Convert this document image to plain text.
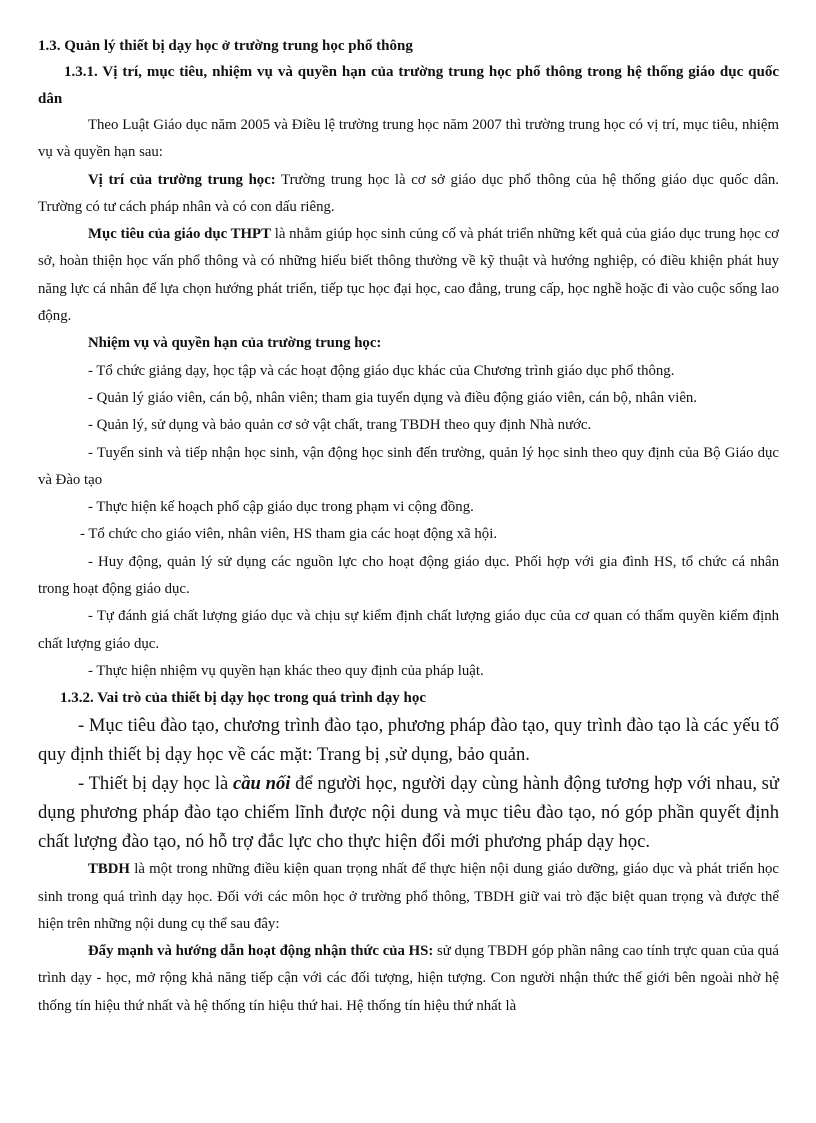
1.3. Quản lý thiết bị dạy học ở trường trung học phổ thông

1.3.1. Vị trí, mục tiêu, nhiệm vụ và quyền hạn của trường trung học phổ thông trong hệ thống giáo dục quốc dân

Theo Luật Giáo dục năm 2005 và Điều lệ trường trung học năm 2007 thì trường trung học có vị trí, mục tiêu, nhiệm vụ và quyền hạn sau:

Vị trí của trường trung học: Trường trung học là cơ sở giáo dục phổ thông của hệ thống giáo dục quốc dân. Trường có tư cách pháp nhân và có con dấu riêng.

Mục tiêu của giáo dục THPT là nhằm giúp học sinh củng cố và phát triển những kết quả của giáo dục trung học cơ sở, hoàn thiện học vấn phổ thông và có những hiểu biết thông thường về kỹ thuật và hướng nghiệp, có điều khiện phát huy năng lực cá nhân để lựa chọn hướng phát triển, tiếp tục học đại học, cao đẳng, trung cấp, học nghề hoặc đi vào cuộc sống lao động.

Nhiệm vụ và quyền hạn của trường trung học:

- Tổ chức giảng dạy, học tập và các hoạt động giáo dục khác của Chương trình giáo dục phổ thông.

- Quản lý giáo viên, cán bộ, nhân viên; tham gia tuyển dụng và điều động giáo viên, cán bộ, nhân viên.

- Quản lý, sử dụng và bảo quản cơ sở vật chất, trang TBDH theo quy định Nhà nước.

- Tuyển sinh và tiếp nhận học sinh, vận động học sinh đến trường, quản lý học sinh theo quy định của Bộ Giáo dục và Đào tạo

- Thực hiện kế hoạch phổ cập giáo dục trong phạm vi cộng đồng.

- Tổ chức cho giáo viên, nhân viên, HS tham gia các hoạt động xã hội.

- Huy động, quản lý sử dụng các nguồn lực cho hoạt động giáo dục. Phối hợp với gia đình HS, tổ chức cá nhân trong hoạt động giáo dục.

- Tự đánh giá chất lượng giáo dục và chịu sự kiểm định chất lượng giáo dục của cơ quan có thẩm quyền kiểm định chất lượng giáo dục.

- Thực hiện nhiệm vụ quyền hạn khác theo quy định của pháp luật.

1.3.2. Vai trò của thiết bị dạy học trong quá trình dạy học

- Mục tiêu đào tạo, chương trình đào tạo, phương pháp đào tạo, quy trình đào tạo là các yếu tố quy định thiết bị dạy học về các mặt: Trang bị ,sử dụng, bảo quản.

- Thiết bị dạy học là cầu nối để người học, người dạy cùng hành động tương hợp với nhau, sử dụng phương pháp đào tạo chiếm lĩnh được nội dung và mục tiêu đào tạo, nó góp phần quyết định chất lượng đào tạo, nó hỗ trợ đắc lực cho thực hiện đổi mới phương pháp dạy học.

TBDH là một trong những điều kiện quan trọng nhất để thực hiện nội dung giáo dưỡng, giáo dục và phát triển học sinh trong quá trình dạy học. Đối với các môn học ở trường phổ thông, TBDH giữ vai trò đặc biệt quan trọng và được thể hiện trên những nội dung cụ thể sau đây:

Đẩy mạnh và hướng dẫn hoạt động nhận thức của HS: sử dụng TBDH góp phần nâng cao tính trực quan của quá trình dạy - học, mở rộng khả năng tiếp cận với các đối tượng, hiện tượng. Con người nhận thức thế giới bên ngoài nhờ hệ thống tín hiệu thứ nhất và hệ thống tín hiệu thứ hai. Hệ thống tín hiệu thứ nhất là
